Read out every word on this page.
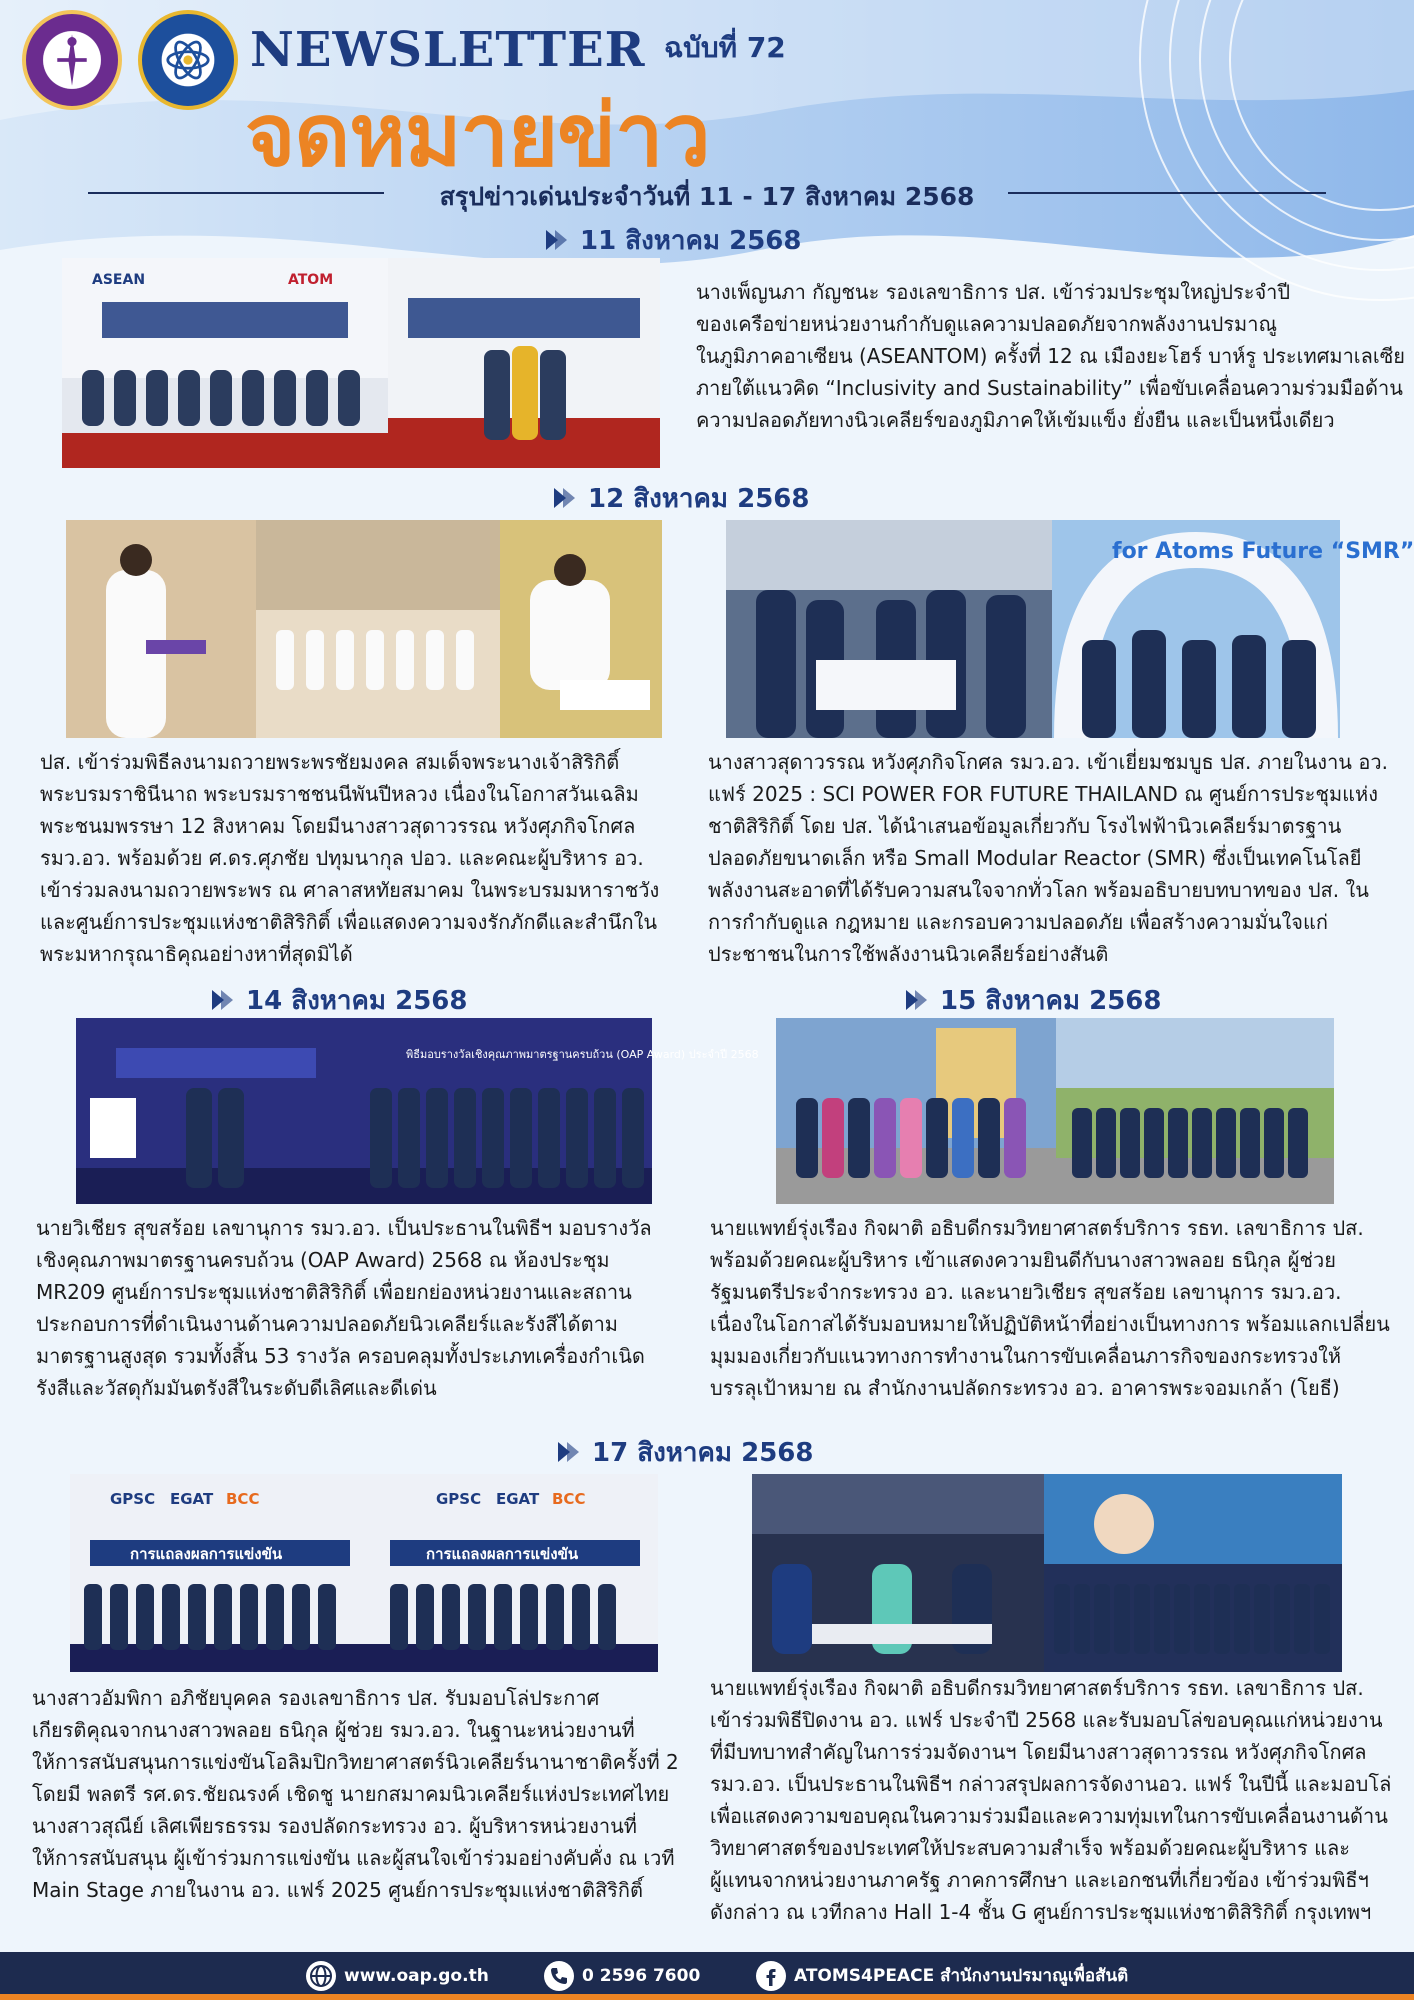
NEWSLETTER ฉบับที่ 72
จดหมายข่าว
สรุปข่าวเด่นประจำวันที่ 11 - 17 สิงหาคม 2568
11 สิงหาคม 2568
ASEAN	ATOM	นางเพ็ญนภา กัญชนะ รองเลขาธิการ ปส. เข้าร่วมประชุมใหญ่ประจำปี
ของเครือข่ายหน่วยงานกำกับดูแลความปลอดภัยจากพลังงานปรมาณู
ในภูมิภาคอาเซียน (ASEANTOM) ครั้งที่ 12 ณ เมืองยะโฮร์ บาห์รู ประเทศมาเลเซีย
ภายใต้แนวคิด “Inclusivity and Sustainability” เพื่อขับเคลื่อนความร่วมมือด้าน
ความปลอดภัยทางนิวเคลียร์ของภูมิภาคให้เข้มแข็ง ยั่งยืน และเป็นหนึ่งเดียว
12 สิงหาคม 2568
ปส. เข้าร่วมพิธีลงนามถวายพระพรชัยมงคล สมเด็จพระนางเจ้าสิริกิติ์
พระบรมราชินีนาถ พระบรมราชชนนีพันปีหลวง เนื่องในโอกาสวันเฉลิม
พระชนมพรรษา 12 สิงหาคม โดยมีนางสาวสุดาวรรณ หวังศุภกิจโกศล
รมว.อว. พร้อมด้วย ศ.ดร.ศุภชัย ปทุมนากุล ปอว. และคณะผู้บริหาร อว.
เข้าร่วมลงนามถวายพระพร ณ ศาลาสหทัยสมาคม ในพระบรมมหาราชวัง
และศูนย์การประชุมแห่งชาติสิริกิติ์ เพื่อแสดงความจงรักภักดีและสำนึกใน
พระมหากรุณาธิคุณอย่างหาที่สุดมิได้
for Atoms Future “SMR”
นางสาวสุดาวรรณ หวังศุภกิจโกศล รมว.อว. เข้าเยี่ยมชมบูธ ปส. ภายในงาน อว.
แฟร์ 2025 : SCI POWER FOR FUTURE THAILAND ณ ศูนย์การประชุมแห่ง
ชาติสิริกิติ์ โดย ปส. ได้นำเสนอข้อมูลเกี่ยวกับ โรงไฟฟ้านิวเคลียร์มาตรฐาน
ปลอดภัยขนาดเล็ก หรือ Small Modular Reactor (SMR) ซึ่งเป็นเทคโนโลยี
พลังงานสะอาดที่ได้รับความสนใจจากทั่วโลก พร้อมอธิบายบทบาทของ ปส. ใน
การกำกับดูแล กฎหมาย และกรอบความปลอดภัย เพื่อสร้างความมั่นใจแก่
ประชาชนในการใช้พลังงานนิวเคลียร์อย่างสันติ
14 สิงหาคม 2568
พิธีมอบรางวัลเชิงคุณภาพมาตรฐานครบถ้วน (OAP Award) ประจำปี 2568
นายวิเชียร สุขสร้อย เลขานุการ รมว.อว. เป็นประธานในพิธีฯ มอบรางวัล
เชิงคุณภาพมาตรฐานครบถ้วน (OAP Award) 2568 ณ ห้องประชุม
MR209 ศูนย์การประชุมแห่งชาติสิริกิติ์ เพื่อยกย่องหน่วยงานและสถาน
ประกอบการที่ดำเนินงานด้านความปลอดภัยนิวเคลียร์และรังสีได้ตาม
มาตรฐานสูงสุด รวมทั้งสิ้น 53 รางวัล ครอบคลุมทั้งประเภทเครื่องกำเนิด
รังสีและวัสดุกัมมันตรังสีในระดับดีเลิศและดีเด่น
15 สิงหาคม 2568
นายแพทย์รุ่งเรือง กิจผาติ อธิบดีกรมวิทยาศาสตร์บริการ รธท. เลขาธิการ ปส.
พร้อมด้วยคณะผู้บริหาร เข้าแสดงความยินดีกับนางสาวพลอย ธนิกุล ผู้ช่วย
รัฐมนตรีประจำกระทรวง อว. และนายวิเชียร สุขสร้อย เลขานุการ รมว.อว.
เนื่องในโอกาสได้รับมอบหมายให้ปฏิบัติหน้าที่อย่างเป็นทางการ พร้อมแลกเปลี่ยน
มุมมองเกี่ยวกับแนวทางการทำงานในการขับเคลื่อนภารกิจของกระทรวงให้
บรรลุเป้าหมาย ณ สำนักงานปลัดกระทรวง อว. อาคารพระจอมเกล้า (โยธี)
17 สิงหาคม 2568
GPSC EGAT BCC
การแถลงผลการแข่งขัน
GPSC EGAT BCC
การแถลงผลการแข่งขัน
นางสาวอัมพิกา อภิชัยบุคคล รองเลขาธิการ ปส. รับมอบโล่ประกาศ
เกียรติคุณจากนางสาวพลอย ธนิกุล ผู้ช่วย รมว.อว. ในฐานะหน่วยงานที่
ให้การสนับสนุนการแข่งขันโอลิมปิกวิทยาศาสตร์นิวเคลียร์นานาชาติครั้งที่ 2
โดยมี พลตรี รศ.ดร.ชัยณรงค์ เชิดชู นายกสมาคมนิวเคลียร์แห่งประเทศไทย
นางสาวสุณีย์ เลิศเพียรธรรม รองปลัดกระทรวง อว. ผู้บริหารหน่วยงานที่
ให้การสนับสนุน ผู้เข้าร่วมการแข่งขัน และผู้สนใจเข้าร่วมอย่างคับคั่ง ณ เวที
Main Stage ภายในงาน อว. แฟร์ 2025 ศูนย์การประชุมแห่งชาติสิริกิติ์
นายแพทย์รุ่งเรือง กิจผาติ อธิบดีกรมวิทยาศาสตร์บริการ รธท. เลขาธิการ ปส.
เข้าร่วมพิธีปิดงาน อว. แฟร์ ประจำปี 2568 และรับมอบโล่ขอบคุณแก่หน่วยงาน
ที่มีบทบาทสำคัญในการร่วมจัดงานฯ โดยมีนางสาวสุดาวรรณ หวังศุภกิจโกศล
รมว.อว. เป็นประธานในพิธีฯ กล่าวสรุปผลการจัดงานอว. แฟร์ ในปีนี้ และมอบโล่
เพื่อแสดงความขอบคุณในความร่วมมือและความทุ่มเทในการขับเคลื่อนงานด้าน
วิทยาศาสตร์ของประเทศให้ประสบความสำเร็จ พร้อมด้วยคณะผู้บริหาร และ
ผู้แทนจากหน่วยงานภาครัฐ ภาคการศึกษา และเอกชนที่เกี่ยวข้อง เข้าร่วมพิธีฯ
ดังกล่าว ณ เวทีกลาง Hall 1-4 ชั้น G ศูนย์การประชุมแห่งชาติสิริกิติ์ กรุงเทพฯ
www.oap.go.th	0 2596 7600	ATOMS4PEACE สำนักงานปรมาณูเพื่อสันติ
